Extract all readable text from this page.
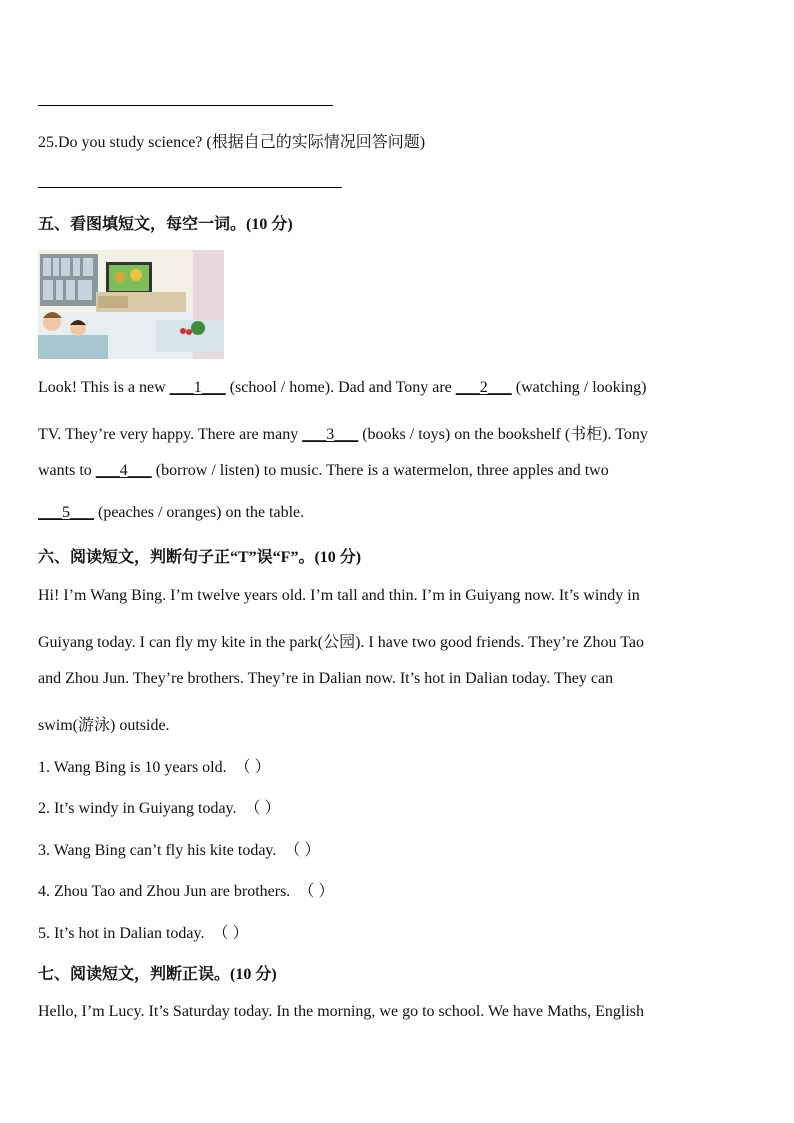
25.Do you study science? (根据自己的实际情况回答问题)
五、看图填短文，每空一词。(10 分)
Look! This is a new ___1___ (school / home). Dad and Tony are ___2___ (watching / looking)
TV. They’re very happy. There are many ___3___ (books / toys) on the bookshelf (书柜). Tony
wants to ___4___ (borrow / listen) to music. There is a watermelon, three apples and two
___5___ (peaches / oranges) on the table.
六、阅读短文，判断句子正“T”误“F”。(10 分)
Hi! I’m Wang Bing. I’m twelve years old. I’m tall and thin. I’m in Guiyang now. It’s windy in
Guiyang today. I can fly my kite in the park(公园). I have two good friends. They’re Zhou Tao
and Zhou Jun. They’re brothers. They’re in Dalian now. It’s hot in Dalian today. They can
swim(游泳) outside.
1. Wang Bing is 10 years old. （ ）
2. It’s windy in Guiyang today. （ ）
3. Wang Bing can’t fly his kite today. （ ）
4. Zhou Tao and Zhou Jun are brothers. （ ）
5. It’s hot in Dalian today. （ ）
七、阅读短文，判断正误。(10 分)
Hello, I’m Lucy. It’s Saturday today. In the morning, we go to school. We have Maths, English
